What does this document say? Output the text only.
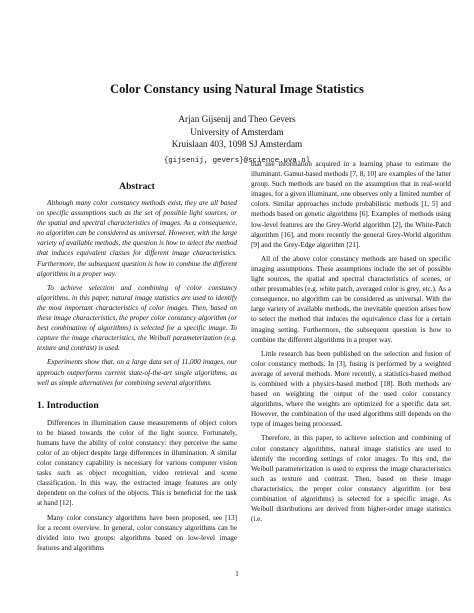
Color Constancy using Natural Image Statistics
Arjan Gijsenij and Theo Gevers
University of Amsterdam
Kruislaan 403, 1098 SJ Amsterdam
{gijsenij, gevers}@science.uva.nl
Abstract

Although many color constancy methods exist, they are all based on specific assumptions such as the set of possible light sources, or the spatial and spectral characteristics of images. As a consequence, no algorithm can be considered as universal. However, with the large variety of available methods, the question is how to select the method that induces equivalent classes for different image characteristics. Furthermore, the subsequent question is how to combine the different algorithms in a proper way.

To achieve selection and combining of color constancy algorithms, in this paper, natural image statistics are used to identify the most important characteristics of color images. Then, based on these image characteristics, the proper color constancy algorithm (or best combination of algorithms) is selected for a specific image. To capture the image characteristics, the Weibull parameterization (e.g. texture and contrast) is used.

Experiments show that, on a large data set of 11,000 images, our approach outperforms current state-of-the-art single algorithms, as well as simple alternatives for combining several algorithms.

1. Introduction

Differences in illumination cause measurements of object colors to be biased towards the color of the light source. Fortunately, humans have the ability of color constancy: they perceive the same color of an object despite large differences in illumination. A similar color constancy capability is necessary for various computer vision tasks such as object recognition, video retrieval and scene classification. In this way, the extracted image features are only dependent on the colors of the objects. This is beneficial for the task at hand [12].

Many color constancy algorithms have been proposed, see [13] for a recent overview. In general, color constancy algorithms can be divided into two groups: algorithms based on low-level image features and algorithms

that use information acquired in a learning phase to estimate the illuminant. Gamut-based methods [7, 8, 10] are examples of the latter group. Such methods are based on the assumption that in real-world images, for a given illuminant, one observes only a limited number of colors. Similar approaches include probabilistic methods [1, 5] and methods based on genetic algorithms [6]. Examples of methods using low-level features are the Grey-World algorithm [2], the White-Patch algorithm [16], and more recently the general Grey-World algorithm [9] and the Grey-Edge algorithm [21].

All of the above color constancy methods are based on specific imaging assumptions. These assumptions include the set of possible light sources, the spatial and spectral characteristics of scenes, or other presumables (e.g. white patch, averaged color is grey, etc.). As a consequence, no algorithm can be considered as universal. With the large variety of available methods, the inevitable question arises how to select the method that induces the equivalence class for a certain imaging setting. Furthermore, the subsequent question is how to combine the different algorithms in a proper way.

Little research has been published on the selection and fusion of color constancy methods. In [3], fusing is performed by a weighted average of several methods. More recently, a statistics-based method is combined with a physics-based method [18]. Both methods are based on weighting the output of the used color constancy algorithms, where the weights are optimized for a specific data set. However, the combination of the used algorithms still depends on the type of images being processed.

Therefore, in this paper, to achieve selection and combining of color constancy algorithms, natural image statistics are used to identify the recording settings of color images. To this end, the Weibull parameterization is used to express the image characteristics such as texture and contrast. Then, based on these image characteristics, the proper color constancy algorithm (or best combination of algorithms) is selected for a specific image. As Weibull distributions are derived from higher-order image statistics (i.e.

1
